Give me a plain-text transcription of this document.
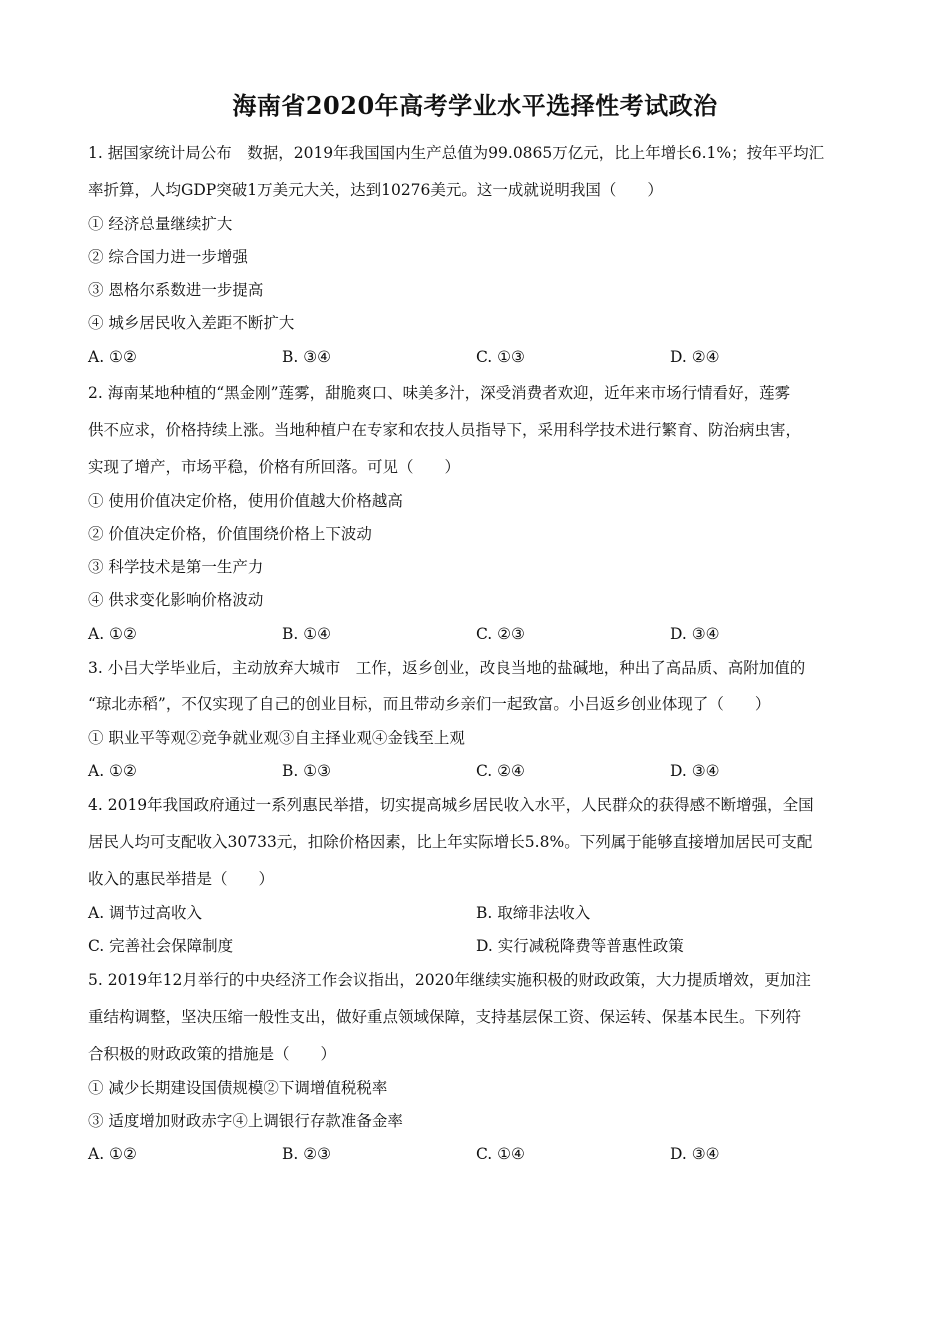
海南省2020年高考学业水平选择性考试政治
1. 据国家统计局公布　数据，2019年我国国内生产总值为99.0865万亿元，比上年增长6.1%；按年平均汇
率折算，人均GDP突破1万美元大关，达到10276美元。这一成就说明我国（　　）
① 经济总量继续扩大
② 综合国力进一步增强
③ 恩格尔系数进一步提高
④ 城乡居民收入差距不断扩大
A. ①②	B. ③④	C. ①③	D. ②④
2. 海南某地种植的“黑金刚”莲雾，甜脆爽口、味美多汁，深受消费者欢迎，近年来市场行情看好，莲雾
供不应求，价格持续上涨。当地种植户在专家和农技人员指导下，采用科学技术进行繁育、防治病虫害，
实现了增产，市场平稳，价格有所回落。可见（　　）
① 使用价值决定价格，使用价值越大价格越高
② 价值决定价格，价值围绕价格上下波动
③ 科学技术是第一生产力
④ 供求变化影响价格波动
A. ①②	B. ①④	C. ②③	D. ③④
3. 小吕大学毕业后，主动放弃大城市　工作，返乡创业，改良当地的盐碱地，种出了高品质、高附加值的
“琼北赤稻”，不仅实现了自己的创业目标，而且带动乡亲们一起致富。小吕返乡创业体现了（　　）
① 职业平等观②竞争就业观③自主择业观④金钱至上观
A. ①②	B. ①③	C. ②④	D. ③④
4. 2019年我国政府通过一系列惠民举措，切实提高城乡居民收入水平，人民群众的获得感不断增强，全国
居民人均可支配收入30733元，扣除价格因素，比上年实际增长5.8%。下列属于能够直接增加居民可支配
收入的惠民举措是（　　）
A. 调节过高收入	B. 取缔非法收入
C. 完善社会保障制度	D. 实行减税降费等普惠性政策
5. 2019年12月举行的中央经济工作会议指出，2020年继续实施积极的财政政策，大力提质增效，更加注
重结构调整，坚决压缩一般性支出，做好重点领域保障，支持基层保工资、保运转、保基本民生。下列符
合积极的财政政策的措施是（　　）
① 减少长期建设国债规模②下调增值税税率
③ 适度增加财政赤字④上调银行存款准备金率
A. ①②	B. ②③	C. ①④	D. ③④
